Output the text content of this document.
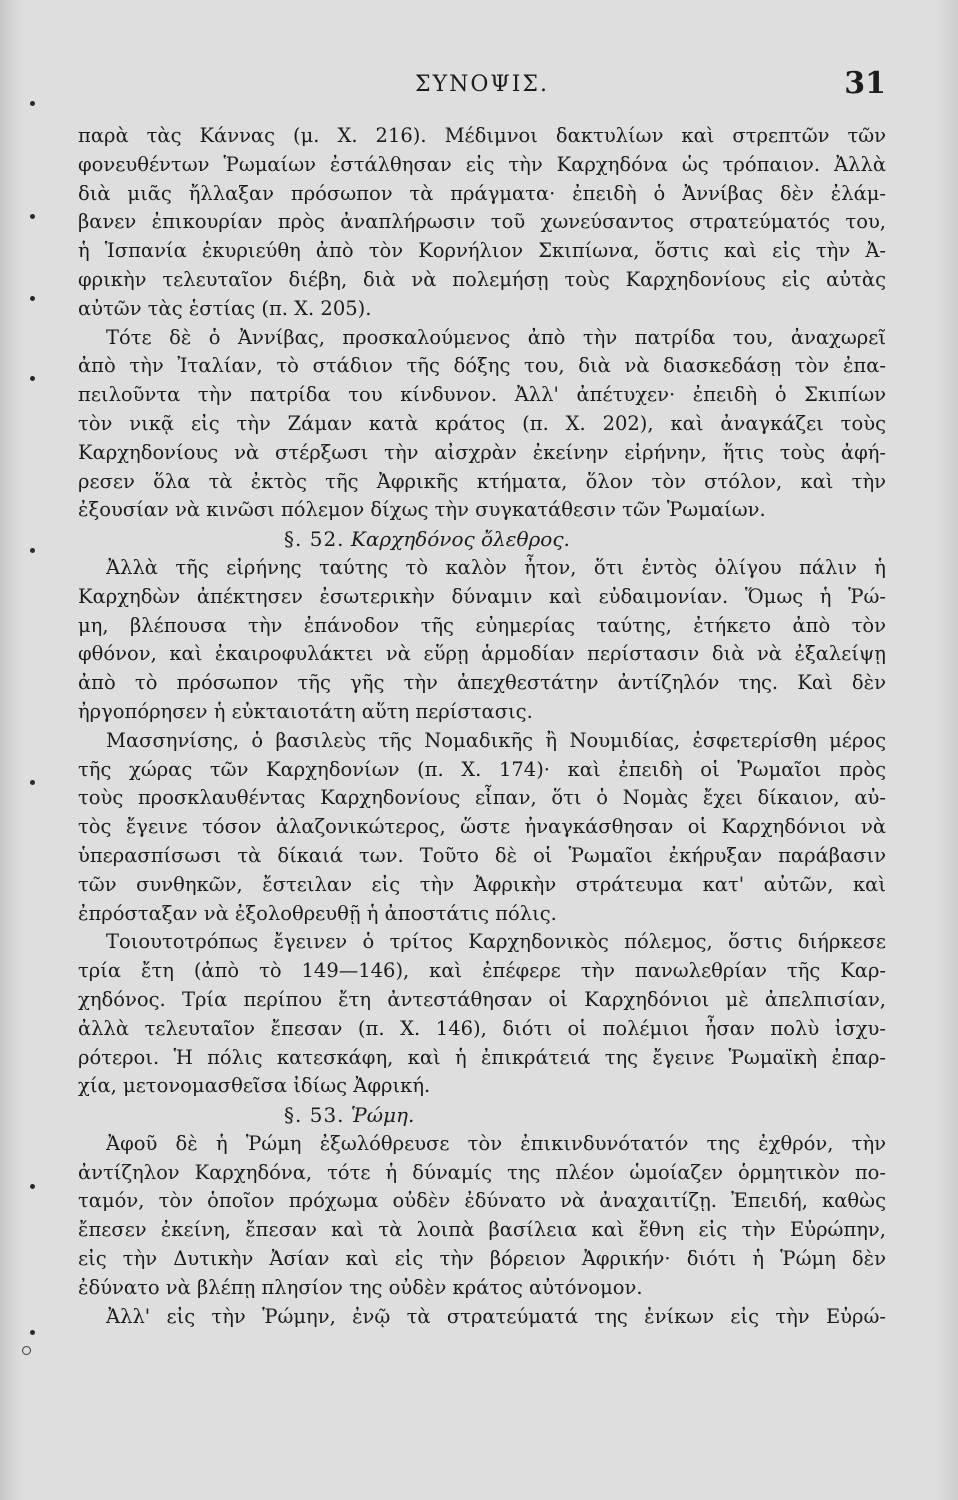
ΣΥΝΟΨΙΣ.	31
παρὰ τὰς Κάννας (μ. Χ. 216). Μέδιμνοι δακτυλίων καὶ στρεπτῶν τῶν
φονευθέντων Ῥωμαίων ἐστάλθησαν εἰς τὴν Καρχηδόνα ὡς τρόπαιον. Ἀλλὰ
διὰ μιᾶς ἤλλαξαν πρόσωπον τὰ πράγματα· ἐπειδὴ ὁ Ἀννίβας δὲν ἐλάμ-
βανεν ἐπικουρίαν πρὸς ἀναπλήρωσιν τοῦ χωνεύσαντος στρατεύματός του,
ἡ Ἱσπανία ἐκυριεύθη ἀπὸ τὸν Κορνήλιον Σκιπίωνα, ὅστις καὶ εἰς τὴν Ἀ-
φρικὴν τελευταῖον διέβη, διὰ νὰ πολεμήσῃ τοὺς Καρχηδονίους εἰς αὐτὰς
αὐτῶν τὰς ἑστίας (π. Χ. 205).
Τότε δὲ ὁ Ἀννίβας, προσκαλούμενος ἀπὸ τὴν πατρίδα του, ἀναχωρεῖ
ἀπὸ τὴν Ἰταλίαν, τὸ στάδιον τῆς δόξης του, διὰ νὰ διασκεδάσῃ τὸν ἐπα-
πειλοῦντα τὴν πατρίδα του κίνδυνον. Ἀλλ' ἀπέτυχεν· ἐπειδὴ ὁ Σκιπίων
τὸν νικᾷ εἰς τὴν Ζάμαν κατὰ κράτος (π. Χ. 202), καὶ ἀναγκάζει τοὺς
Καρχηδονίους νὰ στέρξωσι τὴν αἰσχρὰν ἐκείνην εἰρήνην, ἥτις τοὺς ἀφή-
ρεσεν ὅλα τὰ ἐκτὸς τῆς Ἀφρικῆς κτήματα, ὅλον τὸν στόλον, καὶ τὴν
ἐξουσίαν νὰ κινῶσι πόλεμον δίχως τὴν συγκατάθεσιν τῶν Ῥωμαίων.
§. 52. Καρχηδόνος ὄλεθρος.
Ἀλλὰ τῆς εἰρήνης ταύτης τὸ καλὸν ἦτον, ὅτι ἐντὸς ὀλίγου πάλιν ἡ
Καρχηδὼν ἀπέκτησεν ἐσωτερικὴν δύναμιν καὶ εὐδαιμονίαν. Ὅμως ἡ Ῥώ-
μη, βλέπουσα τὴν ἐπάνοδον τῆς εὐημερίας ταύτης, ἐτήκετο ἀπὸ τὸν
φθόνον, καὶ ἐκαιροφυλάκτει νὰ εὕρῃ ἁρμοδίαν περίστασιν διὰ νὰ ἐξαλείψῃ
ἀπὸ τὸ πρόσωπον τῆς γῆς τὴν ἀπεχθεστάτην ἀντίζηλόν της. Καὶ δὲν
ἠργοπόρησεν ἡ εὐκταιοτάτη αὕτη περίστασις.
Μασσηνίσης, ὁ βασιλεὺς τῆς Νομαδικῆς ἢ Νουμιδίας, ἐσφετερίσθη μέρος
τῆς χώρας τῶν Καρχηδονίων (π. Χ. 174)· καὶ ἐπειδὴ οἱ Ῥωμαῖοι πρὸς
τοὺς προσκλαυθέντας Καρχηδονίους εἶπαν, ὅτι ὁ Νομὰς ἔχει δίκαιον, αὐ-
τὸς ἔγεινε τόσον ἀλαζονικώτερος, ὥστε ἠναγκάσθησαν οἱ Καρχηδόνιοι νὰ
ὑπερασπίσωσι τὰ δίκαιά των. Τοῦτο δὲ οἱ Ῥωμαῖοι ἐκήρυξαν παράβασιν
τῶν συνθηκῶν, ἔστειλαν εἰς τὴν Ἀφρικὴν στράτευμα κατ' αὐτῶν, καὶ
ἐπρόσταξαν νὰ ἐξολοθρευθῇ ἡ ἀποστάτις πόλις.
Τοιουτοτρόπως ἔγεινεν ὁ τρίτος Καρχηδονικὸς πόλεμος, ὅστις διήρκεσε
τρία ἔτη (ἀπὸ τὸ 149—146), καὶ ἐπέφερε τὴν πανωλεθρίαν τῆς Καρ-
χηδόνος. Τρία περίπου ἔτη ἀντεστάθησαν οἱ Καρχηδόνιοι μὲ ἀπελπισίαν,
ἀλλὰ τελευταῖον ἔπεσαν (π. Χ. 146), διότι οἱ πολέμιοι ἦσαν πολὺ ἰσχυ-
ρότεροι. Ἡ πόλις κατεσκάφη, καὶ ἡ ἐπικράτειά της ἔγεινε Ῥωμαϊκὴ ἐπαρ-
χία, μετονομασθεῖσα ἰδίως Ἀφρική.
§. 53. Ῥώμη.
Ἀφοῦ δὲ ἡ Ῥώμη ἐξωλόθρευσε τὸν ἐπικινδυνότατόν της ἐχθρόν, τὴν
ἀντίζηλον Καρχηδόνα, τότε ἡ δύναμίς της πλέον ὡμοίαζεν ὁρμητικὸν πο-
ταμόν, τὸν ὁποῖον πρόχωμα οὐδὲν ἐδύνατο νὰ ἀναχαιτίζῃ. Ἐπειδή, καθὼς
ἔπεσεν ἐκείνη, ἔπεσαν καὶ τὰ λοιπὰ βασίλεια καὶ ἔθνη εἰς τὴν Εὐρώπην,
εἰς τὴν Δυτικὴν Ἀσίαν καὶ εἰς τὴν βόρειον Ἀφρικήν· διότι ἡ Ῥώμη δὲν
ἐδύνατο νὰ βλέπῃ πλησίον της οὐδὲν κράτος αὐτόνομον.
Ἀλλ' εἰς τὴν Ῥώμην, ἐνῷ τὰ στρατεύματά της ἐνίκων εἰς τὴν Εὐρώ-
